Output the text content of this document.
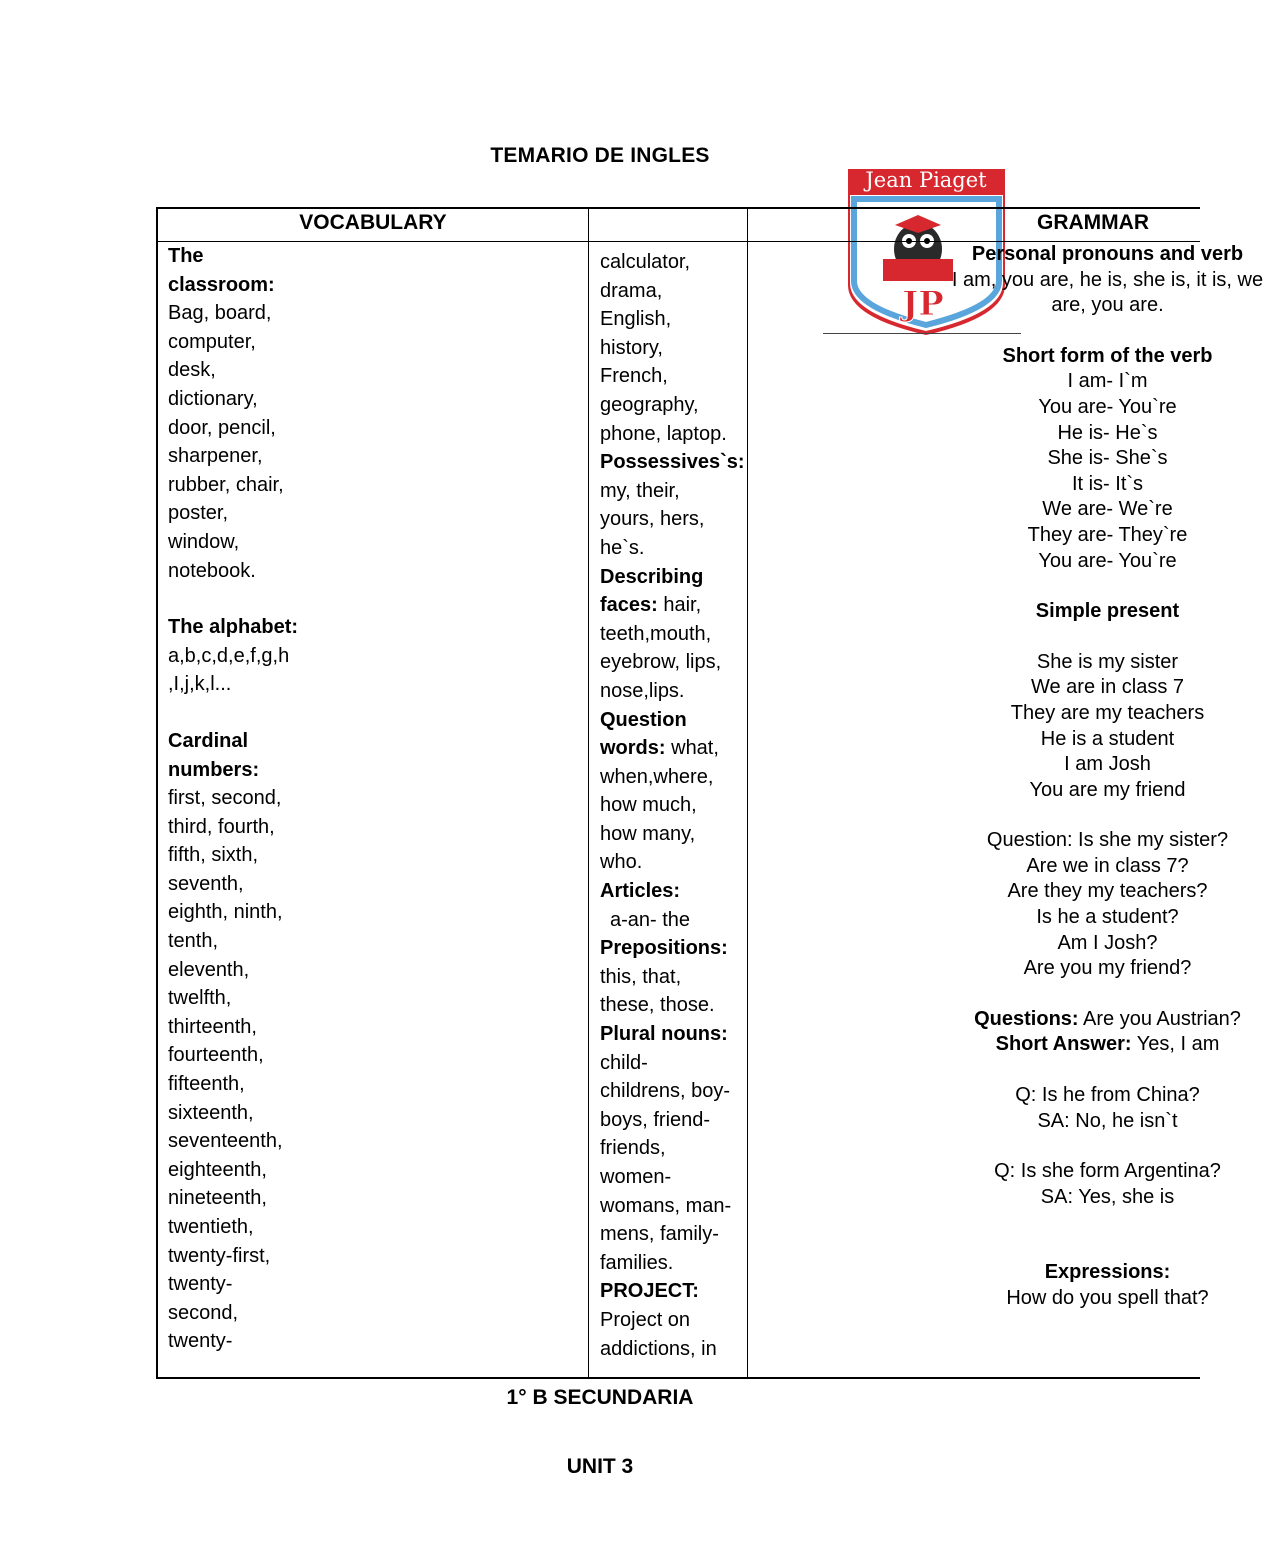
TEMARIO DE INGLES
Jean Piaget
JP
VOCABULARY	GRAMMAR
The
classroom:
Bag, board,
computer,
desk,
dictionary,
door, pencil,
sharpener,
rubber, chair,
poster,
window,
notebook.
The alphabet:
a,b,c,d,e,f,g,h
,I,j,k,l...
Cardinal
numbers:
first, second,
third, fourth,
fifth, sixth,
seventh,
eighth, ninth,
tenth,
eleventh,
twelfth,
thirteenth,
fourteenth,
fifteenth,
sixteenth,
seventeenth,
eighteenth,
nineteenth,
twentieth,
twenty-first,
twenty-
second,
twenty-
calculator,
drama,
English,
history,
French,
geography,
phone, laptop.
Possessives`s:
my, their,
yours, hers,
he`s.
Describing
faces: hair,
teeth,mouth,
eyebrow, lips,
nose,lips.
Question
words: what,
when,where,
how much,
how many,
who.
Articles:
a-an- the
Prepositions:
this, that,
these, those.
Plural nouns:
child-
childrens, boy-
boys, friend-
friends,
women-
womans, man-
mens, family-
families.
PROJECT:
Project on
addictions, in
Personal pronouns and verb
I am, you are, he is, she is, it is, we
are, you are.
Short form of the verb
I am- I`m
You are- You`re
He is- He`s
She is- She`s
It is- It`s
We are- We`re
They are- They`re
You are- You`re
Simple present
She is my sister
We are in class 7
They are my teachers
He is a student
I am Josh
You are my friend
Question: Is she my sister?
Are we in class 7?
Are they my teachers?
Is he a student?
Am I Josh?
Are you my friend?
Questions: Are you Austrian?
Short Answer: Yes, I am
Q: Is he from China?
SA: No, he isn`t
Q: Is she form Argentina?
SA: Yes, she is
Expressions:
How do you spell that?
1° B SECUNDARIA
UNIT 3
